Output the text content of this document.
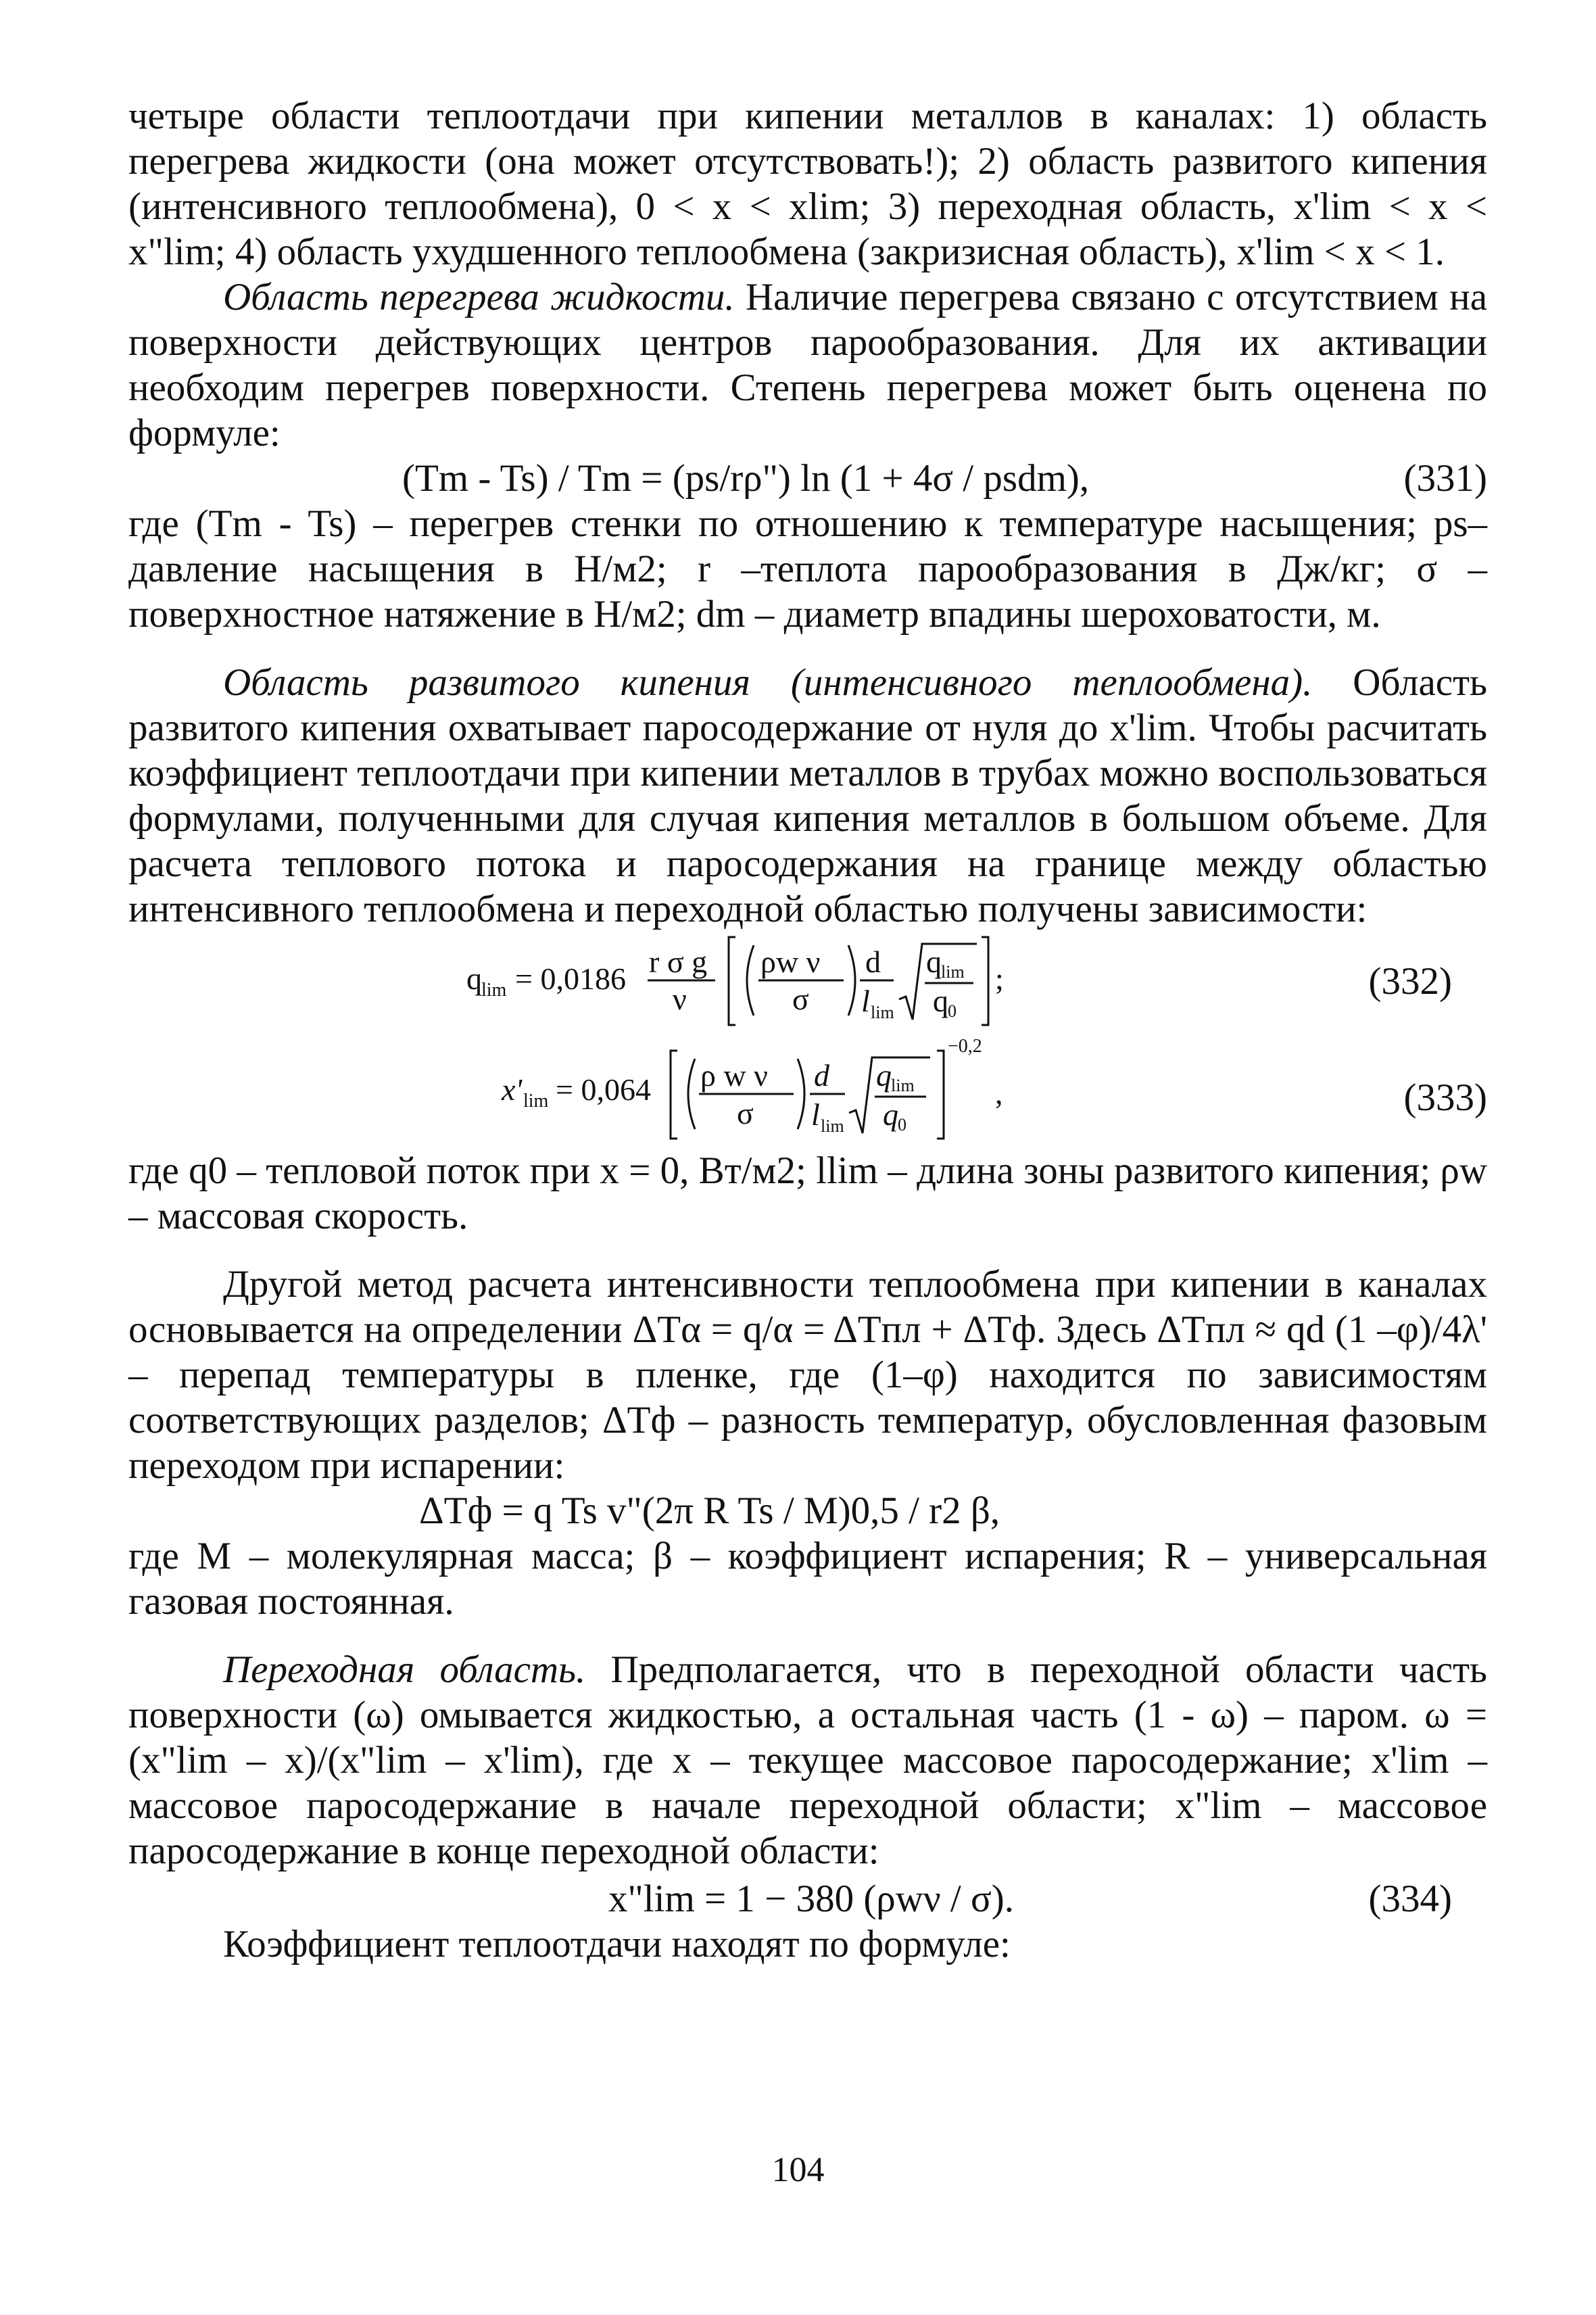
четыре области теплоотдачи при кипении металлов в каналах: 1) область перегрева жидкости (она может отсутствовать!); 2) область развитого кипения (интенсивного теплообмена), 0 < x < xlim; 3) переходная область, x'lim < x < x"lim; 4) область ухудшенного теплообмена (закризисная область), x'lim < x < 1.

Область перегрева жидкости. Наличие перегрева связано с отсутствием на поверхности действующих центров парообразования. Для их активации необходим перегрев поверхности. Степень перегрева может быть оценена по формуле:

(Tm - Ts) / Tm = (ps/rρ") ln (1 + 4σ / psdm),	(331)

где (Tm - Ts) – перегрев стенки по отношению к температуре насыщения; ps– давление насыщения в Н/м2; r –теплота парообразования в Дж/кг; σ – поверхностное натяжение в Н/м2; dm – диаметр впадины шероховатости, м.

Область развитого кипения (интенсивного теплообмена). Область развитого кипения охватывает паросодержание от нуля до x'lim. Чтобы расчитать коэффициент теплоотдачи при кипении металлов в трубах можно воспользоваться формулами, полученными для случая кипения металлов в большом объеме. Для расчета теплового потока и паросодержания на границе между областью интенсивного теплообмена и переходной областью получены зависимости:

q lim = 0,0186 r σ g
ν
ρw ν
σ
d
l lim
q lim
q 0
;	(332)
x' lim = 0,064
−0,2
ρ w ν
σ
d
l lim
q lim
q 0
,	(333)

где q0 – тепловой поток при x = 0, Вт/м2; llim – длина зоны развитого кипения; ρw – массовая скорость.

Другой метод расчета интенсивности теплообмена при кипении в каналах основывается на определении ΔTα = q/α = ΔTпл + ΔTф. Здесь ΔTпл ≈ qd (1 –φ)/4λ' – перепад температуры в пленке, где (1–φ) находится по зависимостям соответствующих разделов; ΔTф – разность температур, обусловленная фазовым переходом при испарении:

ΔTф = q Ts v"(2π R Ts / M)0,5 / r2 β,

где M – молекулярная масса; β – коэффициент испарения; R – универсальная газовая постоянная.

Переходная область. Предполагается, что в переходной области часть поверхности (ω) омывается жидкостью, а остальная часть (1 - ω) – паром. ω = (x"lim – x)/(x"lim – x'lim), где x – текущее массовое паросодержание; x'lim – массовое паросодержание в начале переходной области; x"lim – массовое паросодержание в конце переходной области:

x"lim = 1 − 380 (ρwν / σ).	(334)

Коэффициент теплоотдачи находят по формуле:

104
